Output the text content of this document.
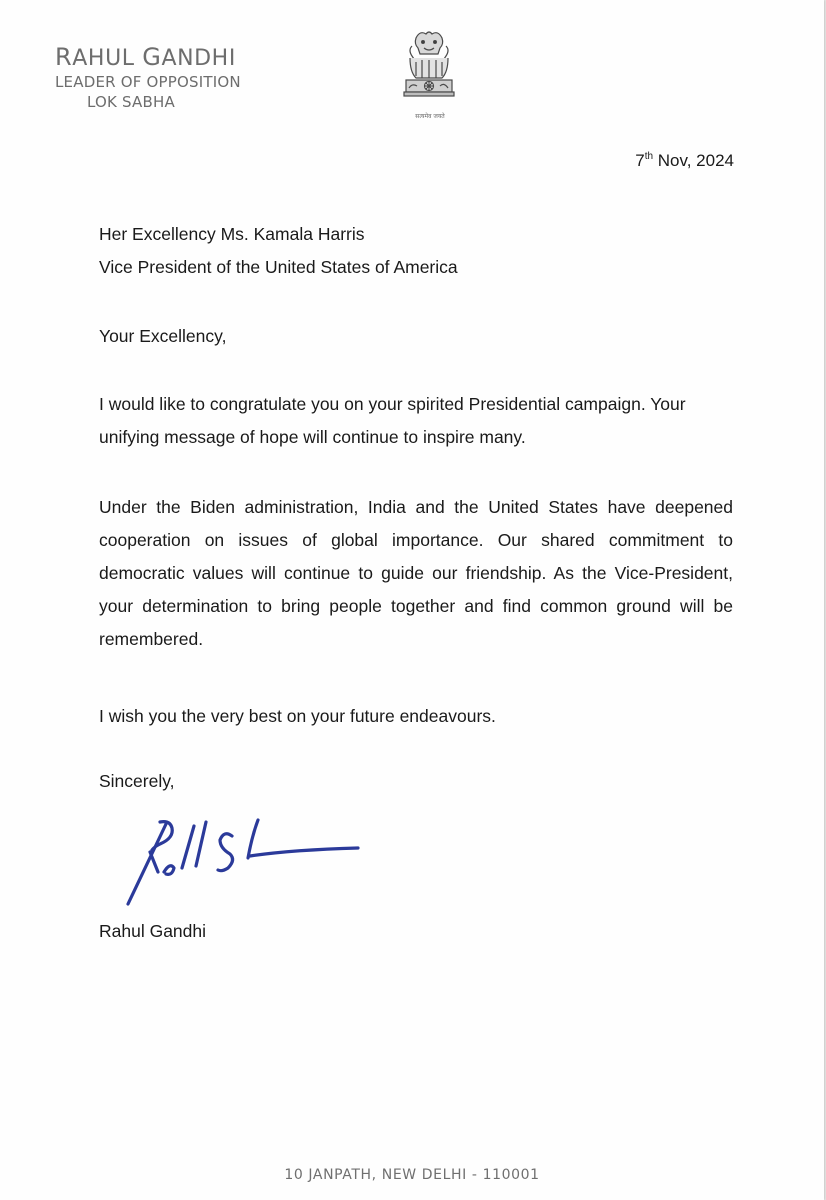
RAHUL GANDHI
LEADER OF OPPOSITION
LOK SABHA
सत्यमेव जयते
7th Nov, 2024

Her Excellency Ms. Kamala Harris

Vice President of the United States of America

Your Excellency,

I would like to congratulate you on your spirited Presidential campaign. Your unifying message of hope will continue to inspire many.

Under the Biden administration, India and the United States have deepened cooperation on issues of global importance. Our shared commitment to democratic values will continue to guide our friendship. As the Vice-President, your determination to bring people together and find common ground will be remembered.

I wish you the very best on your future endeavours.

Sincerely,

Rahul Gandhi

10 JANPATH, NEW DELHI - 110001
